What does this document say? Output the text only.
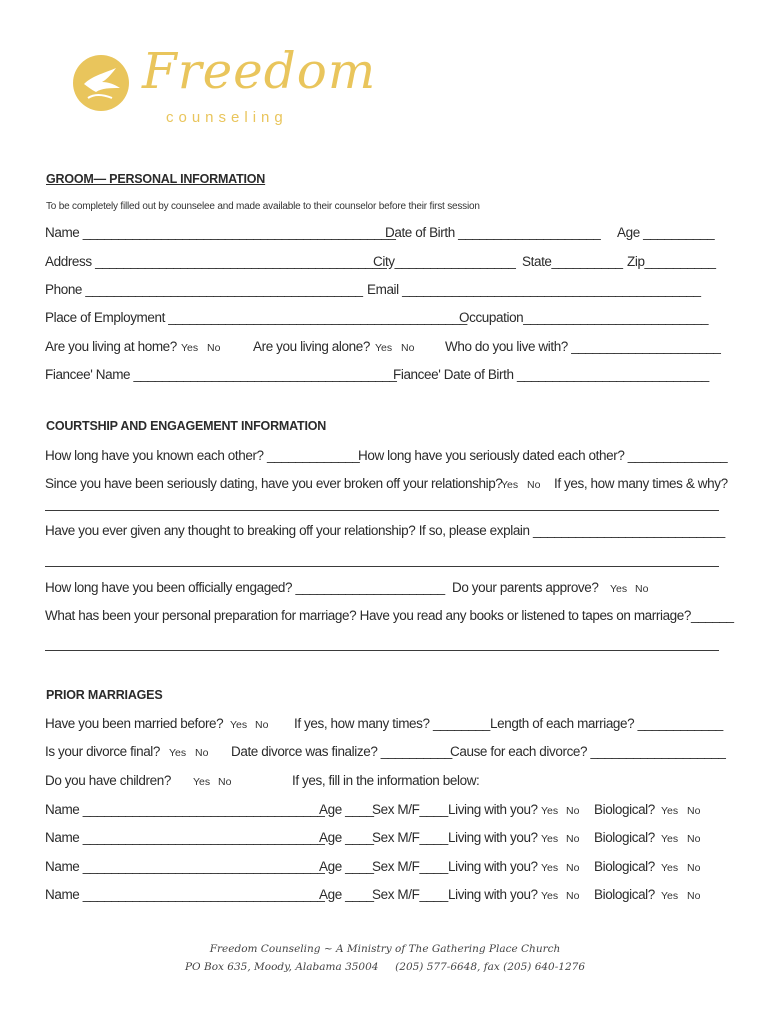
Freedom
counseling
GROOM— PERSONAL INFORMATION
To be completely filled out by counselee and made available to their counselor before their first session
Name ____________________________________________
Date of Birth ____________________ Age __________
Address _________________________________________
City_________________ State__________ Zip__________
Phone _______________________________________ Email __________________________________________
Place of Employment __________________________________________
Occupation__________________________
Are you living at home? Yes No Are you living alone? Yes No Who do you live with? _____________________
Fiancee' Name _____________________________________
Fiancee' Date of Birth ___________________________
COURTSHIP AND ENGAGEMENT INFORMATION
How long have you known each other? _____________
How long have you seriously dated each other? ______________
Since you have been seriously dating, have you ever broken off your relationship?
Yes No If yes, how many times & why?
Have you ever given any thought to breaking off your relationship? If so, please explain ___________________________
How long have you been officially engaged? _____________________ Do your parents approve? Yes No
What has been your personal preparation for marriage? Have you read any books or listened to tapes on marriage?______
PRIOR MARRIAGES
Have you been married before? Yes No If yes, how many times? ________ Length of each marriage? ____________
Is your divorce final? Yes No Date divorce was finalize? __________
Cause for each divorce? ___________________
Do you have children? Yes No	If yes, fill in the information below:
Name __________________________________
Age ____
Sex M/F____ Living with you? Yes No Biological? Yes No
Name __________________________________
Age ____
Sex M/F____ Living with you? Yes No Biological? Yes No
Name __________________________________
Age ____
Sex M/F____ Living with you? Yes No Biological? Yes No
Name __________________________________
Age ____
Sex M/F____ Living with you? Yes No Biological? Yes No
Freedom Counseling ~ A Ministry of The Gathering Place Church
PO Box 635, Moody, Alabama 35004     (205) 577-6648, fax (205) 640-1276
